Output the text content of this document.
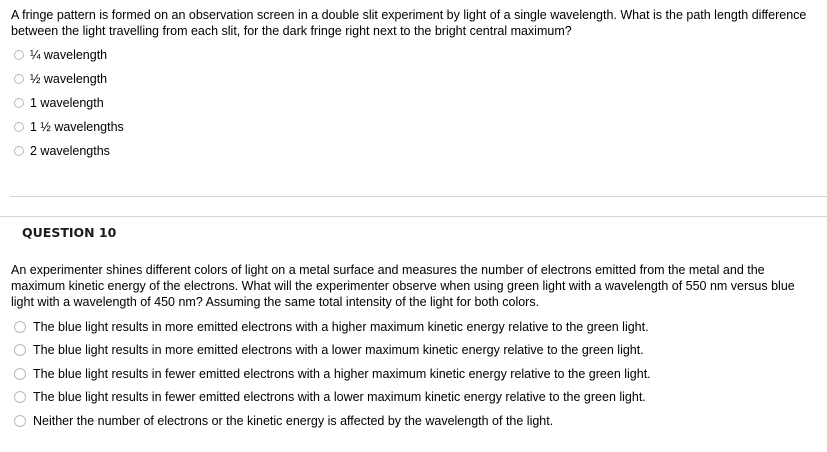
A fringe pattern is formed on an observation screen in a double slit experiment by light of a single wavelength. What is the path length difference between the light travelling from each slit, for the dark fringe right next to the bright central maximum?

¼ wavelength
½ wavelength
1 wavelength
1 ½ wavelengths
2 wavelengths
QUESTION 10

An experimenter shines different colors of light on a metal surface and measures the number of electrons emitted from the metal and the maximum kinetic energy of the electrons. What will the experimenter observe when using green light with a wavelength of 550 nm versus blue light with a wavelength of 450 nm? Assuming the same total intensity of the light for both colors.

The blue light results in more emitted electrons with a higher maximum kinetic energy relative to the green light.
The blue light results in more emitted electrons with a lower maximum kinetic energy relative to the green light.
The blue light results in fewer emitted electrons with a higher maximum kinetic energy relative to the green light.
The blue light results in fewer emitted electrons with a lower maximum kinetic energy relative to the green light.
Neither the number of electrons or the kinetic energy is affected by the wavelength of the light.
